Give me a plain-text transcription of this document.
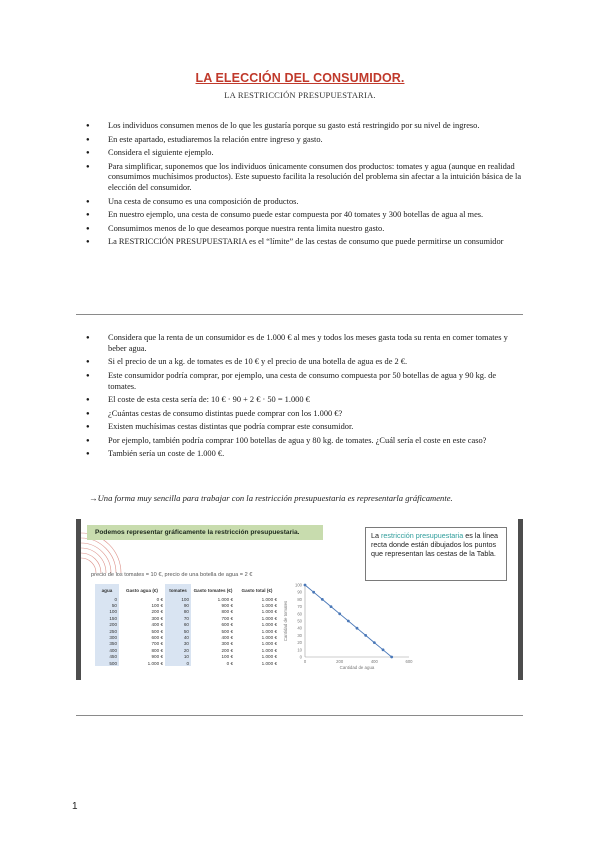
LA ELECCIÓN DEL CONSUMIDOR.
LA RESTRICCIÓN PRESUPUESTARIA.
● Los individuos consumen menos de lo que les gustaría porque su gasto está restringido por su nivel de ingreso.
● En este apartado, estudiaremos la relación entre ingreso y gasto.
● Considera el siguiente ejemplo.
● Para simplificar, suponemos que los individuos únicamente consumen dos productos: tomates y agua (aunque en realidad consumimos muchísimos productos). Este supuesto facilita la resolución del problema sin afectar a la intuición básica de la elección del consumidor.
● Una cesta de consumo es una composición de productos.
● En nuestro ejemplo, una cesta de consumo puede estar compuesta por 40 tomates y 300 botellas de agua al mes.
● Consumimos menos de lo que deseamos porque nuestra renta limita nuestro gasto.
● La RESTRICCIÓN PRESUPUESTARIA es el “límite” de las cestas de consumo que puede permitirse un consumidor
● Considera que la renta de un consumidor es de 1.000 € al mes y todos los meses gasta toda su renta en comer tomates y beber agua.
● Si el precio de un a kg. de tomates es de 10 € y el precio de una botella de agua es de 2 €.
● Este consumidor podría comprar, por ejemplo, una cesta de consumo compuesta por 50 botellas de agua y 90 kg. de tomates.
● El coste de esta cesta sería de: 10 € · 90 + 2 € · 50 = 1.000 €
● ¿Cuántas cestas de consumo distintas puede comprar con los 1.000 €?
● Existen muchísimas cestas distintas que podría comprar este consumidor.
● Por ejemplo, también podría comprar 100 botellas de agua y 80 kg. de tomates. ¿Cuál sería el coste en este caso?
● También sería un coste de 1.000 €.
→Una forma muy sencilla para trabajar con la restricción presupuestaria es representarla gráficamente.
Podemos representar gráficamente la restricción presupuestaria.
precio de los tomates = 10 €, precio de una botella de agua = 2 €
agua	Gasto agua (€)	tomates	Gasto tomates (€)	Gasto total (€)
0	0 €	100	1.000 €	1.000 €
50	100 €	90	900 €	1.000 €
100	200 €	80	800 €	1.000 €
150	300 €	70	700 €	1.000 €
200	400 €	60	600 €	1.000 €
250	500 €	50	500 €	1.000 €
300	600 €	40	400 €	1.000 €
350	700 €	30	300 €	1.000 €
400	800 €	20	200 €	1.000 €
450	900 €	10	100 €	1.000 €
500	1.000 €	0	0 €	1.000 €
La restricción presupuestaria es la línea recta donde están dibujados los puntos que representan las cestas de la Tabla.
0
10
20
30
40
50
60
70
80
90
100
0	200	400	600
Cantidad de agua
Cantidad de tomates
1
